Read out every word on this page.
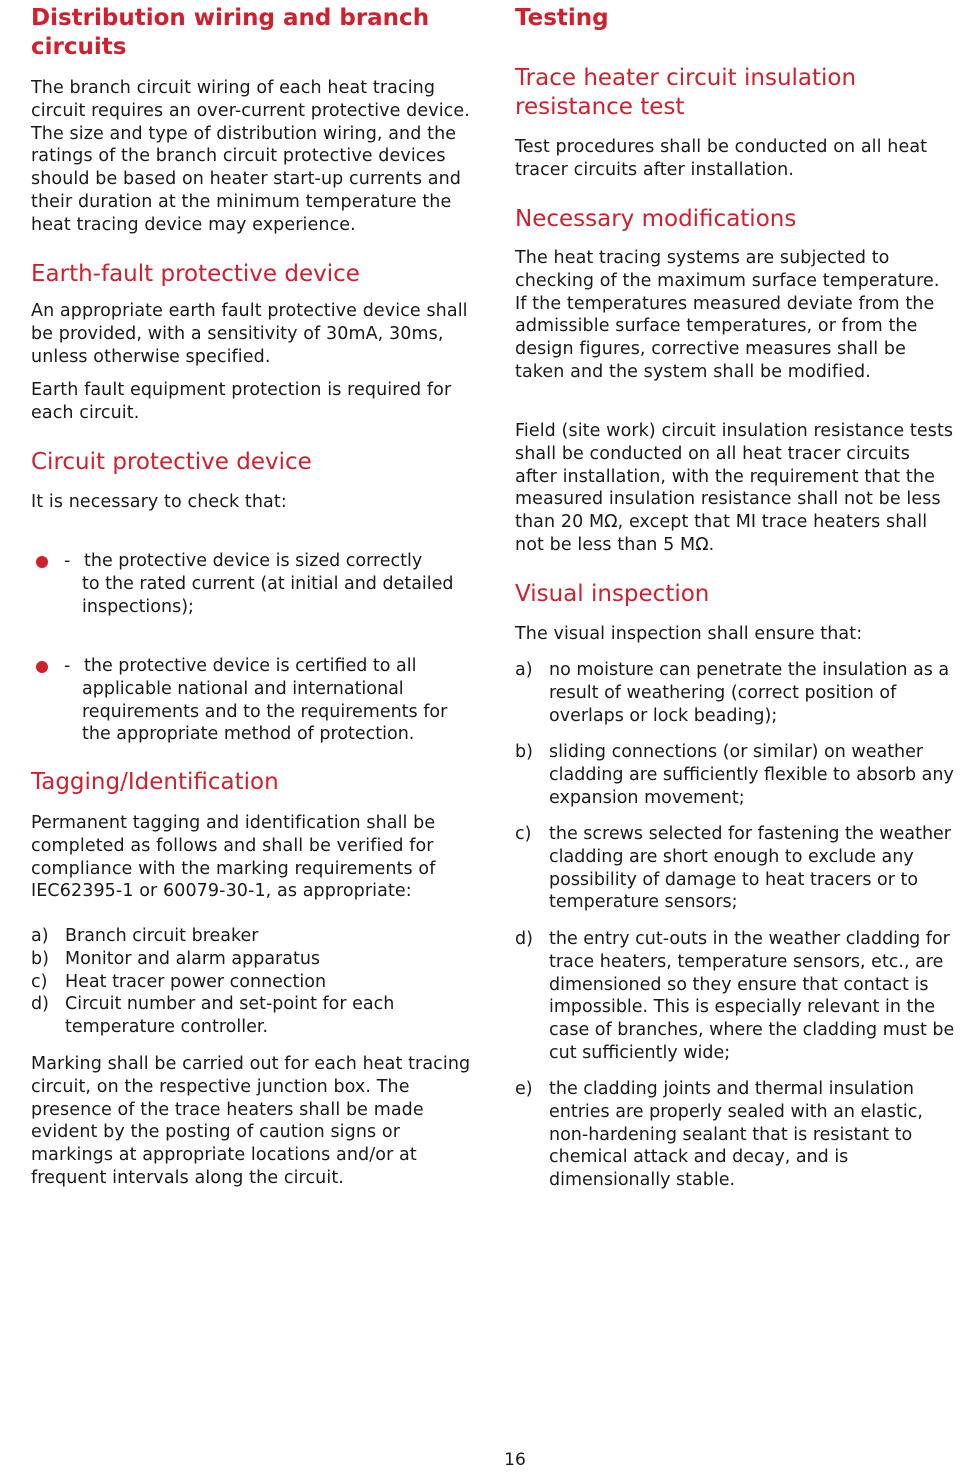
Distribution wiring and branch circuits

The branch circuit wiring of each heat tracing circuit requires an over-current protective device. The size and type of distribution wiring, and the ratings of the branch circuit protective devices should be based on heater start-up currents and their duration at the minimum temperature the heat tracing device may experience.

Earth-fault protective device

An appropriate earth fault protective device shall be provided, with a sensitivity of 30mA, 30ms, unless otherwise specified.

Earth fault equipment protection is required for each circuit.

Circuit protective device

It is necessary to check that:

- the protective device is sized correctly
to the rated current (at initial and detailed inspections);
- the protective device is certified to all
applicable national and international requirements and to the requirements for the appropriate method of protection.
Tagging/Identification

Permanent tagging and identification shall be completed as follows and shall be verified for compliance with the marking requirements of IEC62395-1 or 60079-30-1, as appropriate:

a) Branch circuit breaker
b) Monitor and alarm apparatus
c) Heat tracer power connection
d) Circuit number and set-point for each temperature controller.

Marking shall be carried out for each heat tracing circuit, on the respective junction box. The presence of the trace heaters shall be made evident by the posting of caution signs or markings at appropriate locations and/or at frequent intervals along the circuit.

Testing
Trace heater circuit insulation resistance test

Test procedures shall be conducted on all heat tracer circuits after installation.

Necessary modifications

The heat tracing systems are subjected to checking of the maximum surface temperature. If the temperatures measured deviate from the admissible surface temperatures, or from the design figures, corrective measures shall be taken and the system shall be modified.

Field (site work) circuit insulation resistance tests shall be conducted on all heat tracer circuits after installation, with the requirement that the measured insulation resistance shall not be less than 20 MΩ, except that MI trace heaters shall not be less than 5 MΩ.

Visual inspection

The visual inspection shall ensure that:

a) no moisture can penetrate the insulation as a result of weathering (correct position of overlaps or lock beading);
b) sliding connections (or similar) on weather cladding are sufficiently flexible to absorb any expansion movement;
c) the screws selected for fastening the weather cladding are short enough to exclude any possibility of damage to heat tracers or to temperature sensors;
d) the entry cut-outs in the weather cladding for trace heaters, temperature sensors, etc., are dimensioned so they ensure that contact is impossible. This is especially relevant in the case of branches, where the cladding must be cut sufficiently wide;
e) the cladding joints and thermal insulation entries are properly sealed with an elastic, non-hardening sealant that is resistant to chemical attack and decay, and is dimensionally stable.
16
